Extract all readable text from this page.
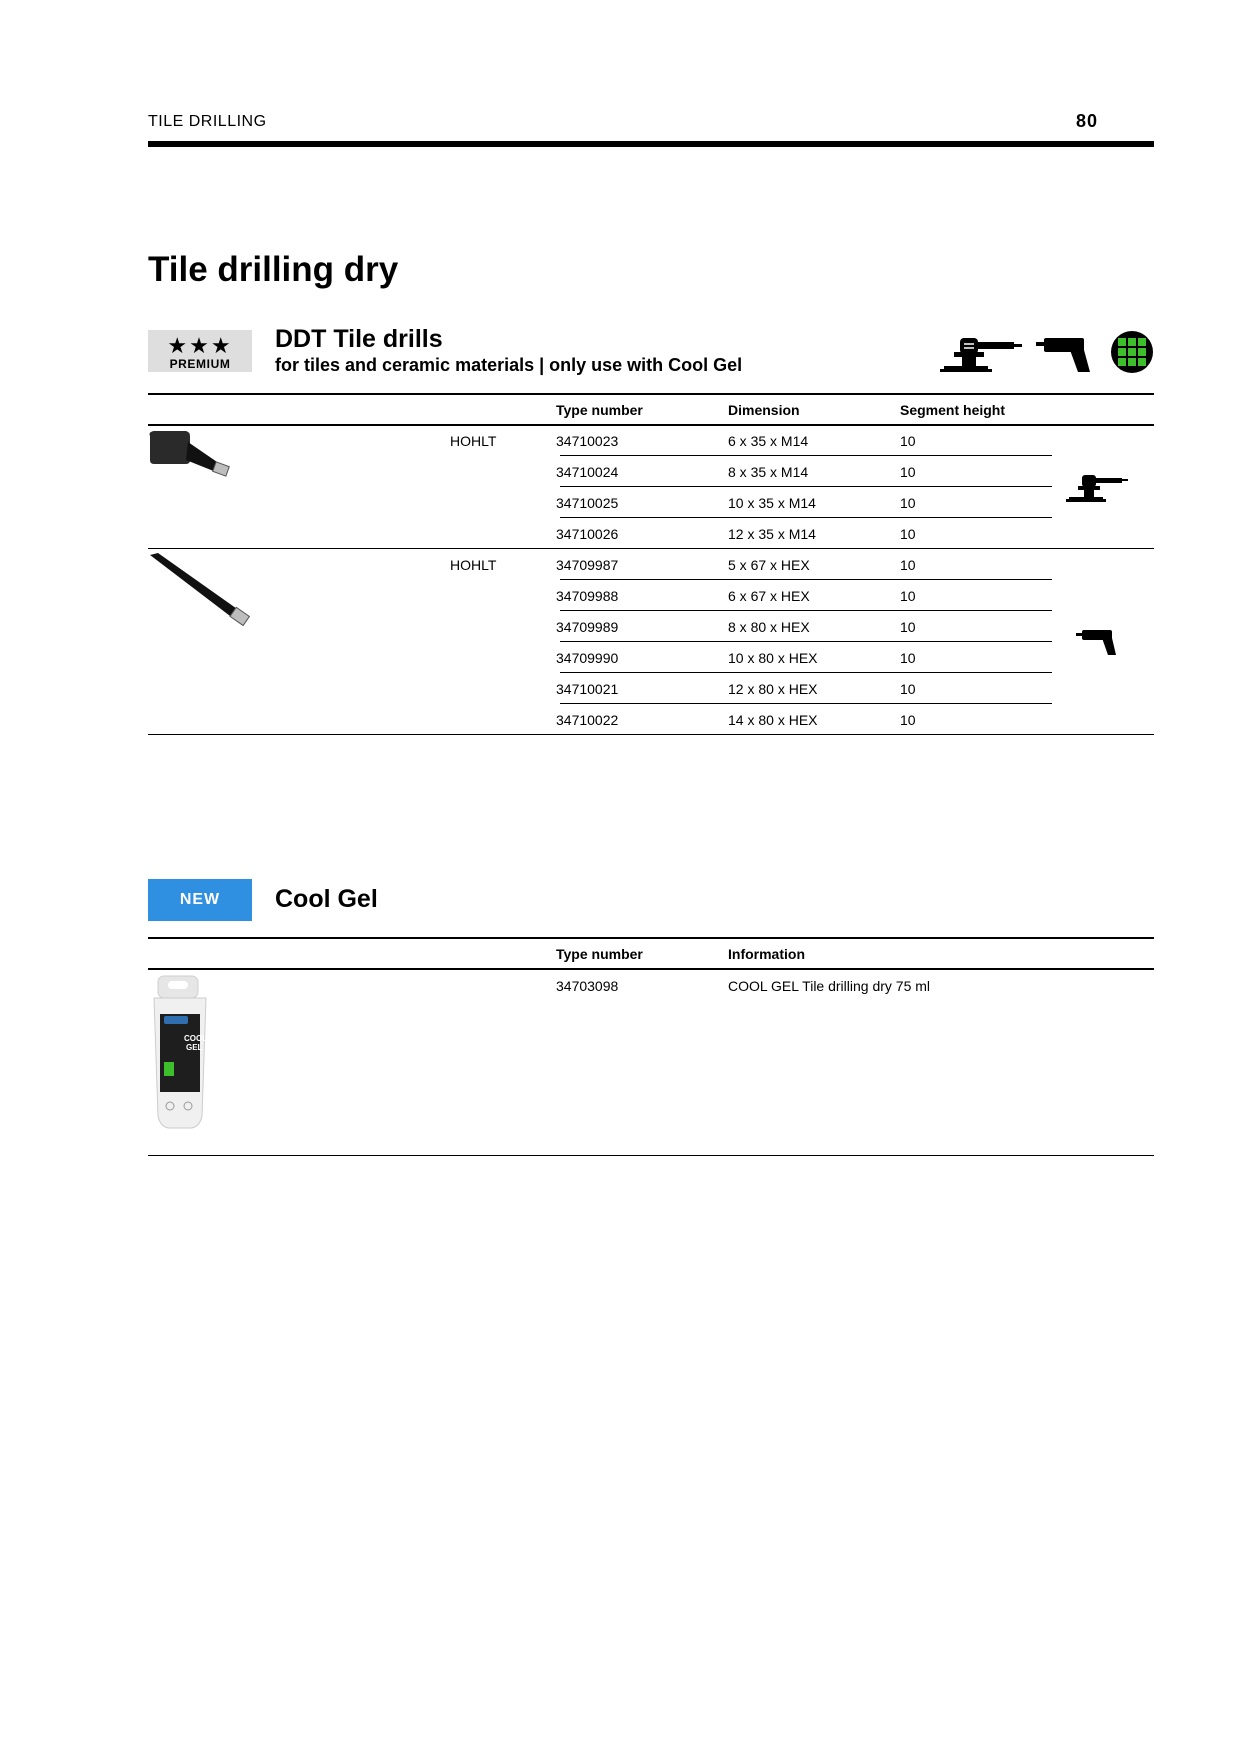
TILE DRILLING	80
Tile drilling dry
★★★
PREMIUM
DDT Tile drills
for tiles and ceramic materials | only use with Cool Gel
Type number	Dimension	Segment height
HOHLT	34710023	6 x 35 x M14	10
34710024	8 x 35 x M14	10
34710025	10 x 35 x M14	10
34710026	12 x 35 x M14	10
HOHLT	34709987	5 x 67 x HEX	10
34709988	6 x 67 x HEX	10
34709989	8 x 80 x HEX	10
34709990	10 x 80 x HEX	10
34710021	12 x 80 x HEX	10
34710022	14 x 80 x HEX	10
NEW	Cool Gel
Type number	Information
34703098	COOL GEL Tile drilling dry 75 ml
COOL
GEL
